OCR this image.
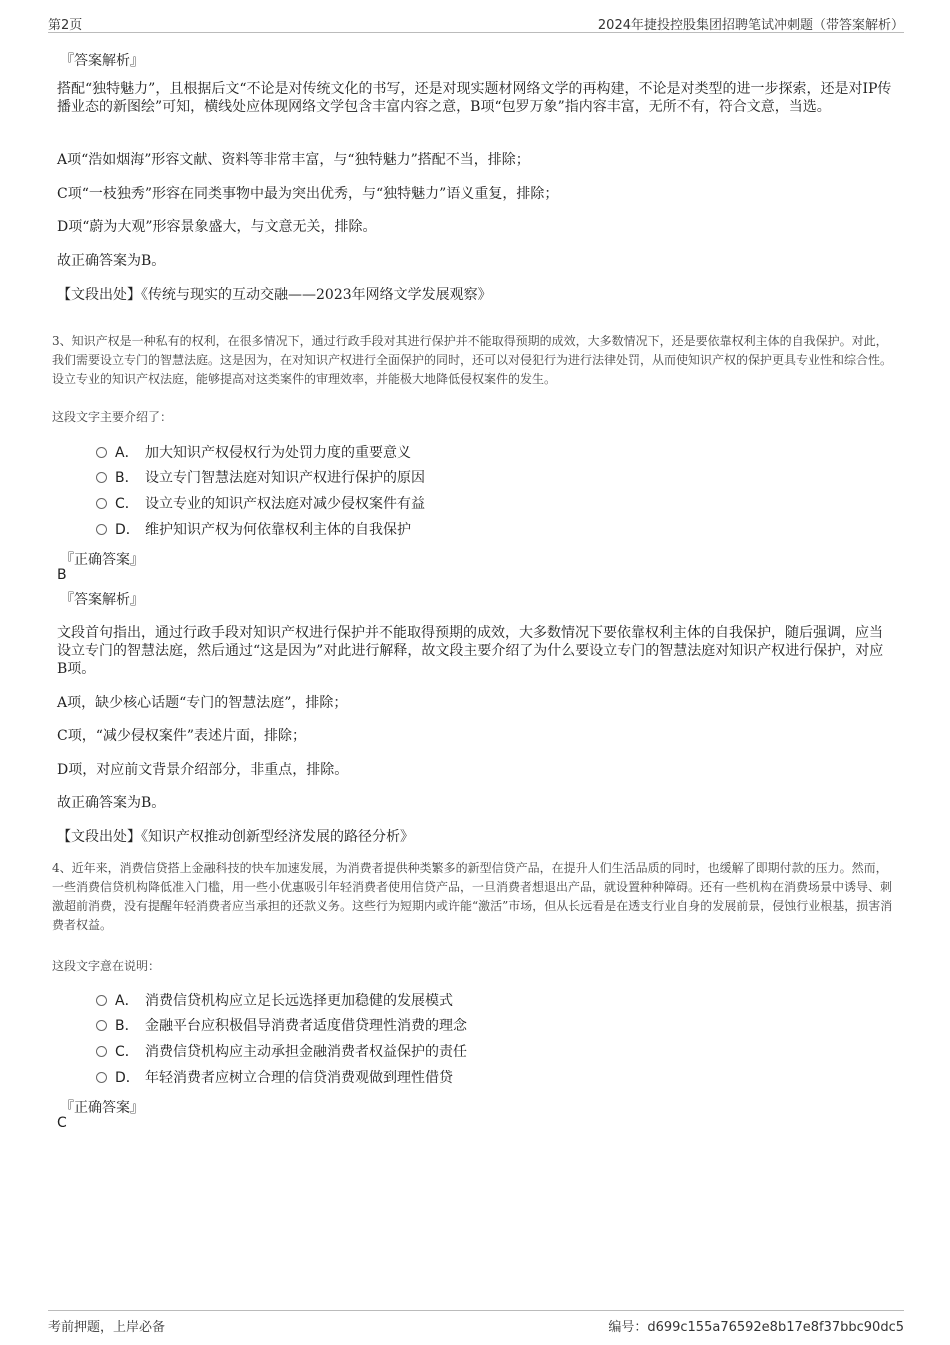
第2页	2024年捷投控股集团招聘笔试冲刺题（带答案解析）
『答案解析』
搭配“独特魅力”，且根据后文“不论是对传统文化的书写，还是对现实题材网络文学的再构建，不论是对类型的进一步探索，还是对IP传播业态的新图绘”可知，横线处应体现网络文学包含丰富内容之意，B项“包罗万象”指内容丰富，无所不有，符合文意，当选。
A项“浩如烟海”形容文献、资料等非常丰富，与“独特魅力”搭配不当，排除；
C项“一枝独秀”形容在同类事物中最为突出优秀，与“独特魅力”语义重复，排除；
D项“蔚为大观”形容景象盛大，与文意无关，排除。
故正确答案为B。
【文段出处】《传统与现实的互动交融——2023年网络文学发展观察》
3、知识产权是一种私有的权利，在很多情况下，通过行政手段对其进行保护并不能取得预期的成效，大多数情况下，还是要依靠权利主体的自我保护。对此，我们需要设立专门的智慧法庭。这是因为，在对知识产权进行全面保护的同时，还可以对侵犯行为进行法律处罚，从而使知识产权的保护更具专业性和综合性。设立专业的知识产权法庭，能够提高对这类案件的审理效率，并能极大地降低侵权案件的发生。
这段文字主要介绍了：
A． 加大知识产权侵权行为处罚力度的重要意义
B． 设立专门智慧法庭对知识产权进行保护的原因
C． 设立专业的知识产权法庭对减少侵权案件有益
D． 维护知识产权为何依靠权利主体的自我保护
『正确答案』
B
『答案解析』
文段首句指出，通过行政手段对知识产权进行保护并不能取得预期的成效，大多数情况下要依靠权利主体的自我保护，随后强调，应当设立专门的智慧法庭，然后通过“这是因为”对此进行解释，故文段主要介绍了为什么要设立专门的智慧法庭对知识产权进行保护，对应B项。
A项，缺少核心话题“专门的智慧法庭”，排除；
C项，“减少侵权案件”表述片面，排除；
D项，对应前文背景介绍部分，非重点，排除。
故正确答案为B。
【文段出处】《知识产权推动创新型经济发展的路径分析》
4、近年来，消费信贷搭上金融科技的快车加速发展，为消费者提供种类繁多的新型信贷产品，在提升人们生活品质的同时，也缓解了即期付款的压力。然而，一些消费信贷机构降低准入门槛，用一些小优惠吸引年轻消费者使用信贷产品，一旦消费者想退出产品，就设置种种障碍。还有一些机构在消费场景中诱导、刺激超前消费，没有提醒年轻消费者应当承担的还款义务。这些行为短期内或许能“激活”市场，但从长远看是在透支行业自身的发展前景，侵蚀行业根基，损害消费者权益。
这段文字意在说明：
A． 消费信贷机构应立足长远选择更加稳健的发展模式
B． 金融平台应积极倡导消费者适度借贷理性消费的理念
C． 消费信贷机构应主动承担金融消费者权益保护的责任
D． 年轻消费者应树立合理的信贷消费观做到理性借贷
『正确答案』
C
考前押题，上岸必备	编号：d699c155a76592e8b17e8f37bbc90dc5
